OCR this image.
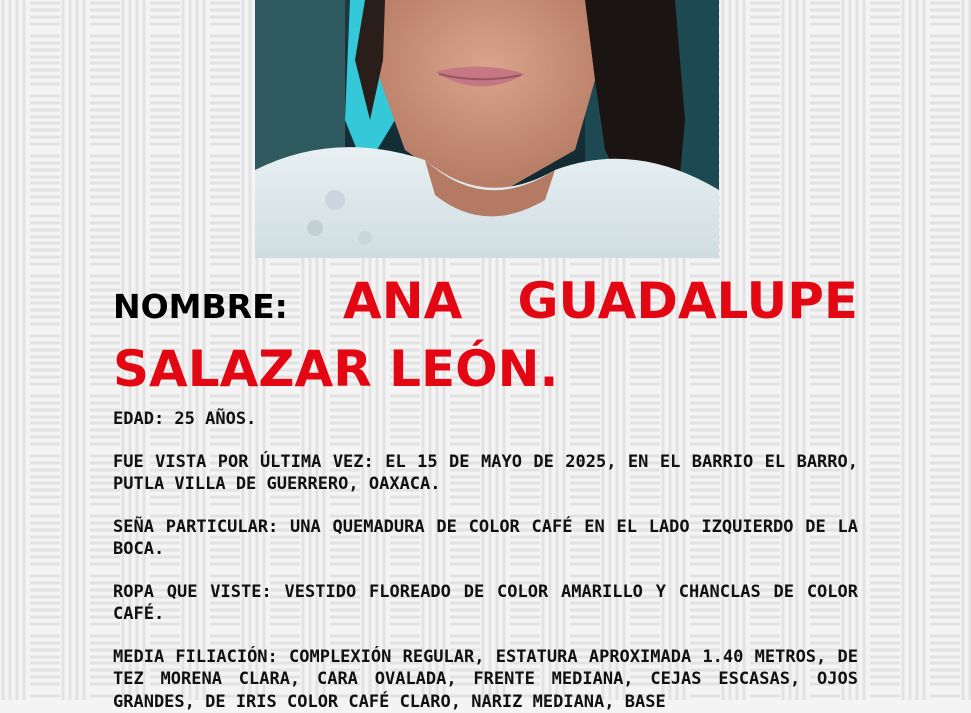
NOMBRE: ANA GUADALUPE SALAZAR LEÓN.

EDAD: 25 AÑOS.

FUE VISTA POR ÚLTIMA VEZ: EL 15 DE MAYO DE 2025, EN EL BARRIO EL BARRO, PUTLA VILLA DE GUERRERO, OAXACA.

SEÑA PARTICULAR: UNA QUEMADURA DE COLOR CAFÉ EN EL LADO IZQUIERDO DE LA BOCA.

ROPA QUE VISTE: VESTIDO FLOREADO DE COLOR AMARILLO Y CHANCLAS DE COLOR CAFÉ.

MEDIA FILIACIÓN: COMPLEXIÓN REGULAR, ESTATURA APROXIMADA 1.40 METROS, DE TEZ MORENA CLARA, CARA OVALADA, FRENTE MEDIANA, CEJAS ESCASAS, OJOS GRANDES, DE IRIS COLOR CAFÉ CLARO, NARIZ MEDIANA, BASE
